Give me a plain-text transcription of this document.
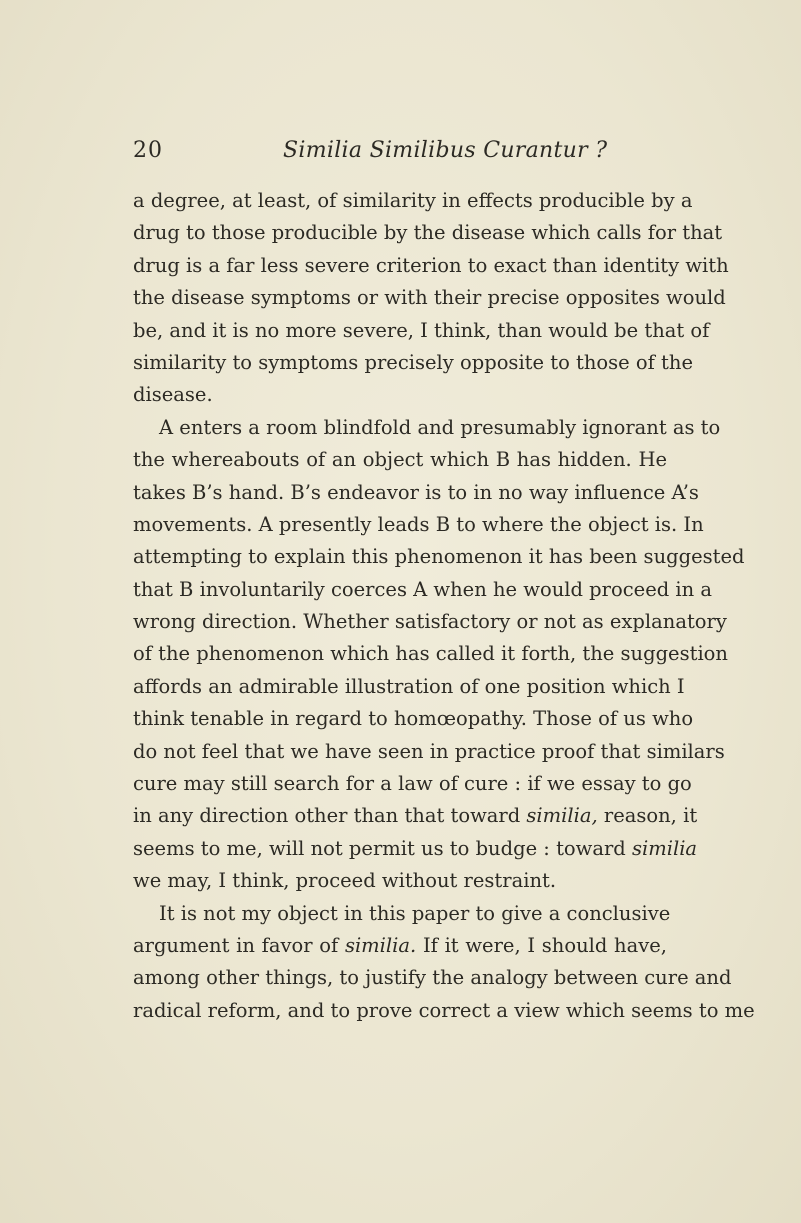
20	Similia Similibus Curantur ?
a degree, at least, of similarity in effects producible by a
drug to those producible by the disease which calls for that
drug is a far less severe criterion to exact than identity with
the disease symptoms or with their precise opposites would
be, and it is no more severe, I think, than would be that of
similarity to symptoms precisely opposite to those of the
disease.
A enters a room blindfold and presumably ignorant as to
the whereabouts of an object which B has hidden. He
takes B’s hand. B’s endeavor is to in no way influence A’s
movements. A presently leads B to where the object is. In
attempting to explain this phenomenon it has been suggested
that B involuntarily coerces A when he would proceed in a
wrong direction. Whether satisfactory or not as explanatory
of the phenomenon which has called it forth, the suggestion
affords an admirable illustration of one position which I
think tenable in regard to homœopathy. Those of us who
do not feel that we have seen in practice proof that similars
cure may still search for a law of cure : if we essay to go
in any direction other than that toward similia, reason, it
seems to me, will not permit us to budge : toward similia
we may, I think, proceed without restraint.
It is not my object in this paper to give a conclusive
argument in favor of similia. If it were, I should have,
among other things, to justify the analogy between cure and
radical reform, and to prove correct a view which seems to me
